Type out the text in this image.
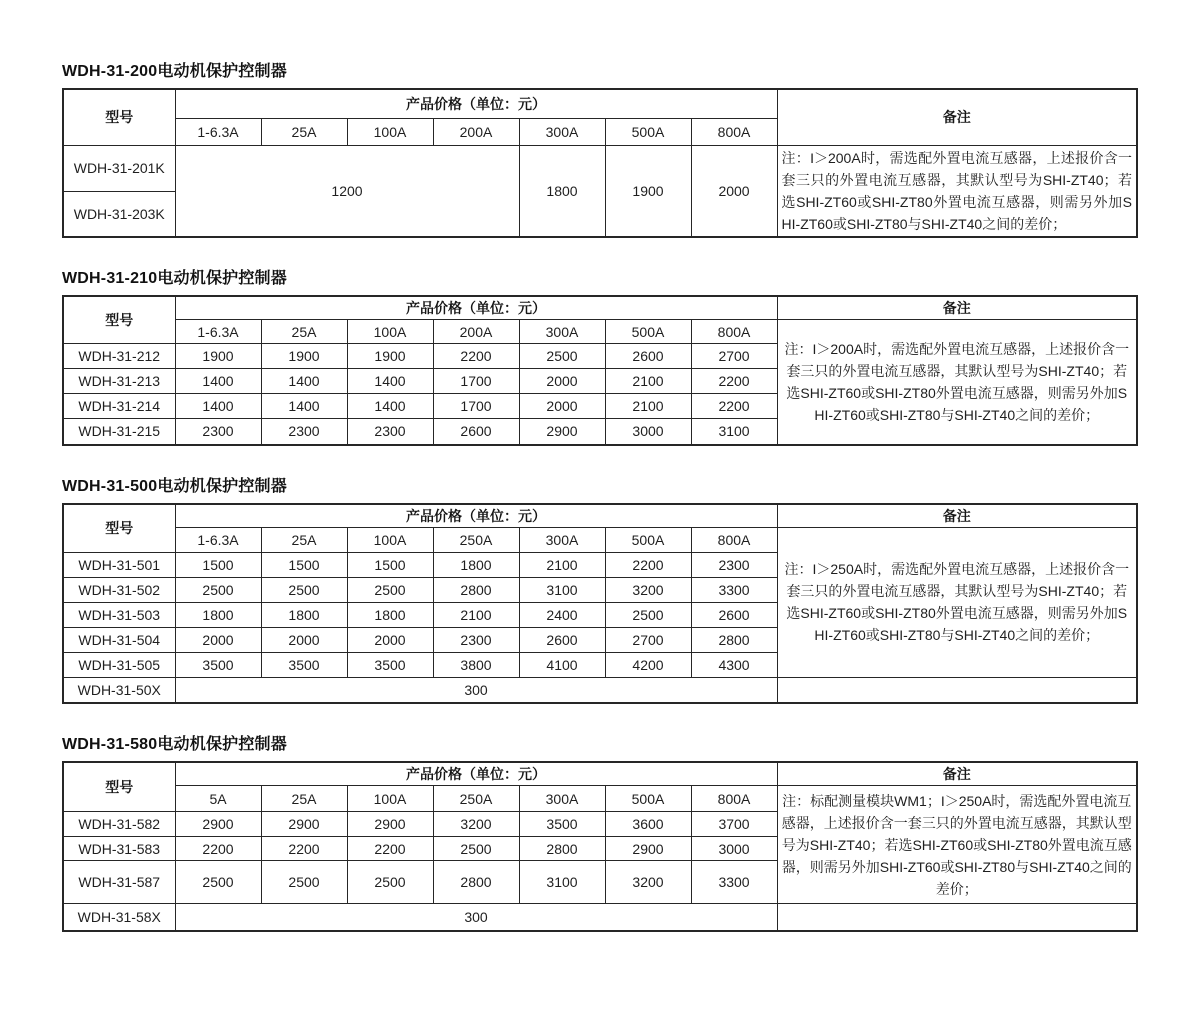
WDH-31-200电动机保护控制器
型号	产品价格（单位：元）							备注
	1-6.3A	25A	100A	200A	300A	500A	800A	
WDH-31-201K	1200				1800	1900	2000	注：I＞200A时，需选配外置电流互感器，上述报价含一套三只的外置电流互感器，其默认型号为SHI-ZT40；若选SHI-ZT60或SHI-ZT80外置电流互感器，则需另外加SHI-ZT60或SHI-ZT80与SHI-ZT40之间的差价；
WDH-31-203K								
WDH-31-210电动机保护控制器
型号	产品价格（单位：元）							备注
	1-6.3A	25A	100A	200A	300A	500A	800A	注：I＞200A时，需选配外置电流互感器，上述报价含一套三只的外置电流互感器，其默认型号为SHI-ZT40；若选SHI-ZT60或SHI-ZT80外置电流互感器，则需另外加SHI-ZT60或SHI-ZT80与SHI-ZT40之间的差价；
WDH-31-212	1900	1900	1900	2200	2500	2600	2700	
WDH-31-213	1400	1400	1400	1700	2000	2100	2200	
WDH-31-214	1400	1400	1400	1700	2000	2100	2200	
WDH-31-215	2300	2300	2300	2600	2900	3000	3100	
WDH-31-500电动机保护控制器
型号	产品价格（单位：元）							备注
	1-6.3A	25A	100A	250A	300A	500A	800A	注：I＞250A时，需选配外置电流互感器，上述报价含一套三只的外置电流互感器，其默认型号为SHI-ZT40；若选SHI-ZT60或SHI-ZT80外置电流互感器，则需另外加SHI-ZT60或SHI-ZT80与SHI-ZT40之间的差价；
WDH-31-501	1500	1500	1500	1800	2100	2200	2300	
WDH-31-502	2500	2500	2500	2800	3100	3200	3300	
WDH-31-503	1800	1800	1800	2100	2400	2500	2600	
WDH-31-504	2000	2000	2000	2300	2600	2700	2800	
WDH-31-505	3500	3500	3500	3800	4100	4200	4300	
WDH-31-50X	300							
WDH-31-580电动机保护控制器
型号	产品价格（单位：元）							备注
	5A	25A	100A	250A	300A	500A	800A	注：标配测量模块WM1；I＞250A时，需选配外置电流互感器，上述报价含一套三只的外置电流互感器，其默认型号为SHI-ZT40；若选SHI-ZT60或SHI-ZT80外置电流互感器，则需另外加SHI-ZT60或SHI-ZT80与SHI-ZT40之间的差价；
WDH-31-582	2900	2900	2900	3200	3500	3600	3700	
WDH-31-583	2200	2200	2200	2500	2800	2900	3000	
WDH-31-587	2500	2500	2500	2800	3100	3200	3300	
WDH-31-58X	300							
